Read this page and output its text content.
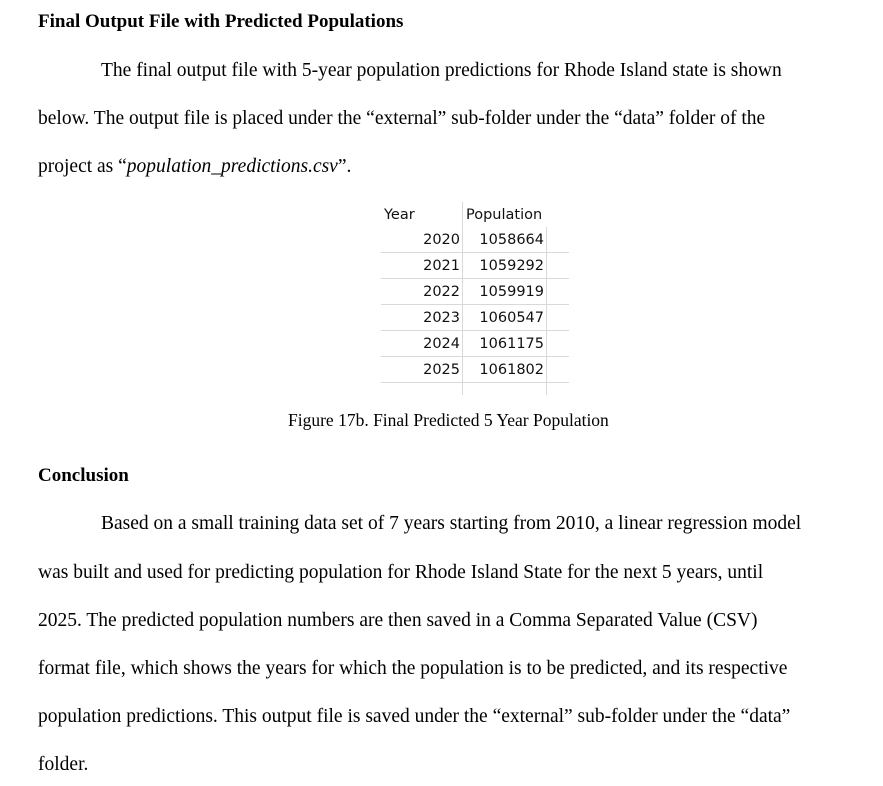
Final Output File with Predicted Populations
The final output file with 5-year population predictions for Rhode Island state is shown
below. The output file is placed under the “external” sub-folder under the “data” folder of the
project as “population_predictions.csv”.
Year	Population
2020	1058664
2021	1059292
2022	1059919
2023	1060547
2024	1061175
2025	1061802
Figure 17b. Final Predicted 5 Year Population
Conclusion
Based on a small training data set of 7 years starting from 2010, a linear regression model
was built and used for predicting population for Rhode Island State for the next 5 years, until
2025. The predicted population numbers are then saved in a Comma Separated Value (CSV)
format file, which shows the years for which the population is to be predicted, and its respective
population predictions. This output file is saved under the “external” sub-folder under the “data”
folder.
